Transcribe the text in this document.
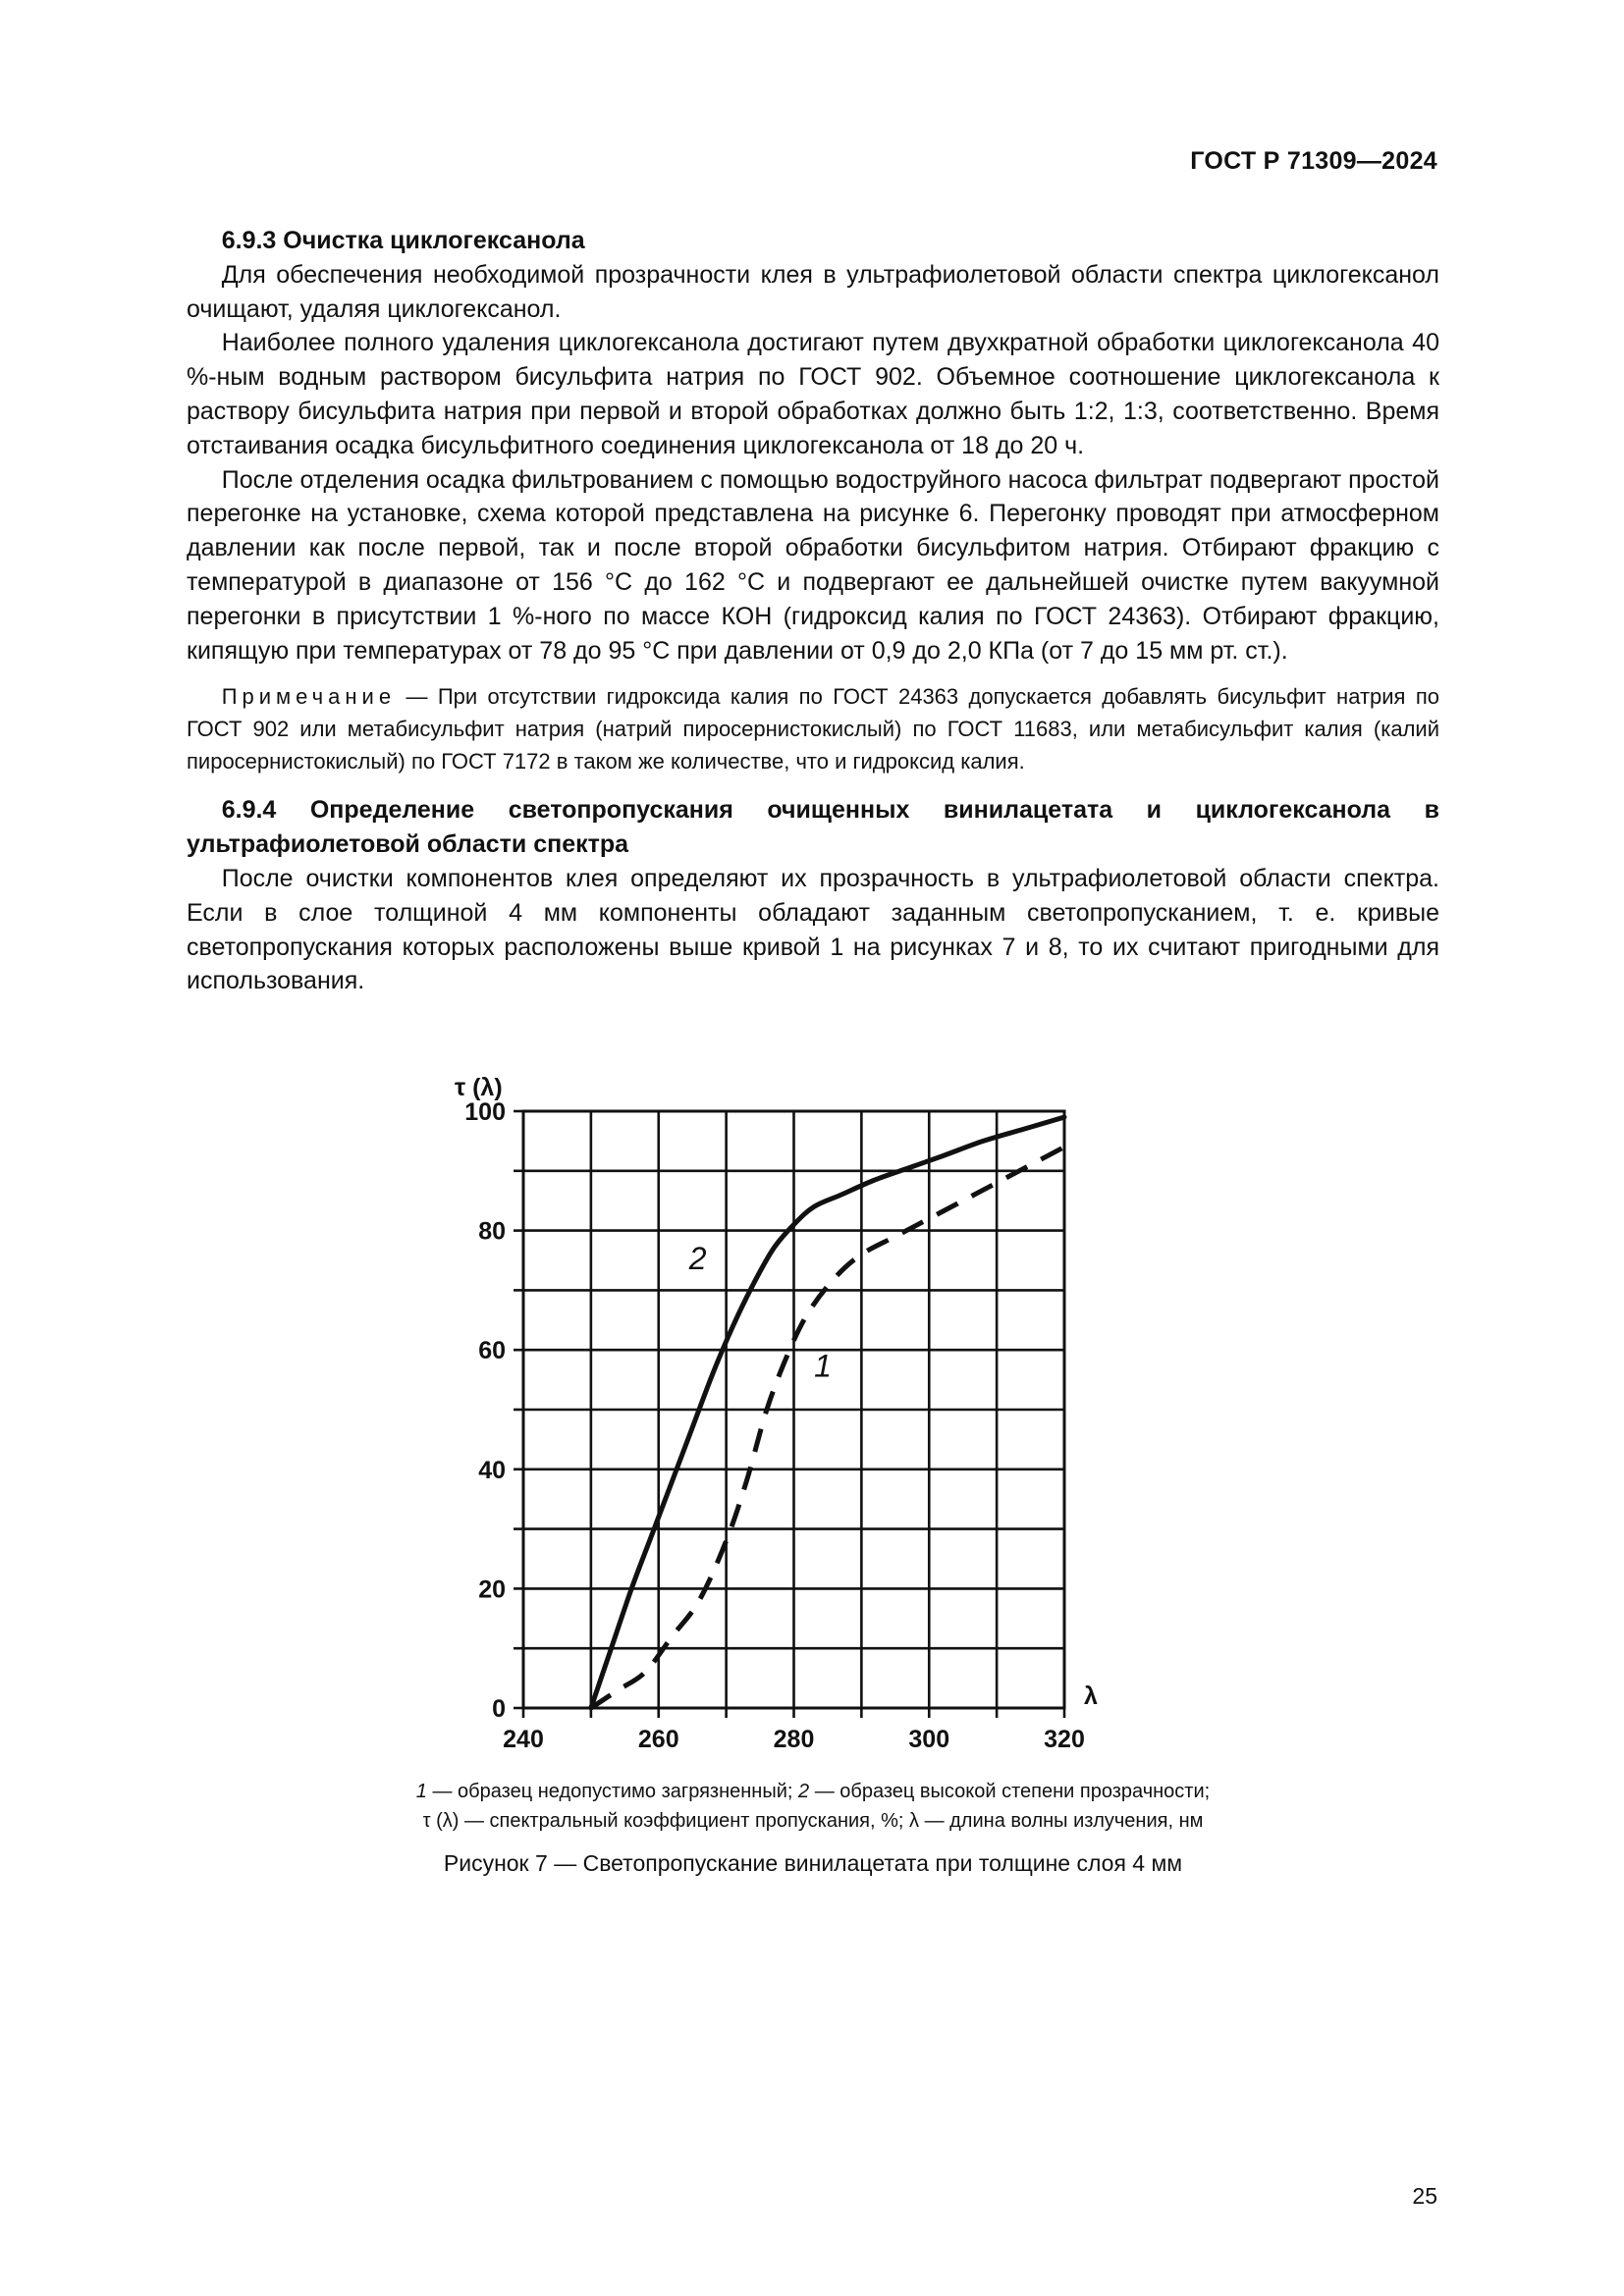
ГОСТ Р 71309—2024

6.9.3 Очистка циклогексанола

Для обеспечения необходимой прозрачности клея в ультрафиолетовой области спектра циклогексанол очищают, удаляя циклогексанол.

Наиболее полного удаления циклогексанола достигают путем двухкратной обработки циклогексанола 40 %-ным водным раствором бисульфита натрия по ГОСТ 902. Объемное соотношение циклогексанола к раствору бисульфита натрия при первой и второй обработках должно быть 1:2, 1:3, соответственно. Время отстаивания осадка бисульфитного соединения циклогексанола от 18 до 20 ч.

После отделения осадка фильтрованием с помощью водоструйного насоса фильтрат подвергают простой перегонке на установке, схема которой представлена на рисунке 6. Перегонку проводят при атмосферном давлении как после первой, так и после второй обработки бисульфитом натрия. Отбирают фракцию с температурой в диапазоне от 156 °С до 162 °С и подвергают ее дальнейшей очистке путем вакуумной перегонки в присутствии 1 %-ного по массе КОН (гидроксид калия по ГОСТ 24363). Отбирают фракцию, кипящую при температурах от 78 до 95 °С при давлении от 0,9 до 2,0 КПа (от 7 до 15 мм рт. ст.).

Примечание — При отсутствии гидроксида калия по ГОСТ 24363 допускается добавлять бисульфит натрия по ГОСТ 902 или метабисульфит натрия (натрий пиросернистокислый) по ГОСТ 11683, или метабисульфит калия (калий пиросернистокислый) по ГОСТ 7172 в таком же количестве, что и гидроксид калия.

6.9.4 Определение светопропускания очищенных винилацетата и циклогексанола в ультрафиолетовой области спектра

После очистки компонентов клея определяют их прозрачность в ультрафиолетовой области спектра. Если в слое толщиной 4 мм компоненты обладают заданным светопропусканием, т. е. кривые светопропускания которых расположены выше кривой 1 на рисунках 7 и 8, то их считают пригодными для использования.

0
20
40
60
80
100
240	260	280	300	320
τ (λ)
λ
2
1

1 — образец недопустимо загрязненный; 2 — образец высокой степени прозрачности;

τ (λ) — спектральный коэффициент пропускания, %; λ — длина волны излучения, нм

Рисунок 7 — Светопропускание винилацетата при толщине слоя 4 мм
25
